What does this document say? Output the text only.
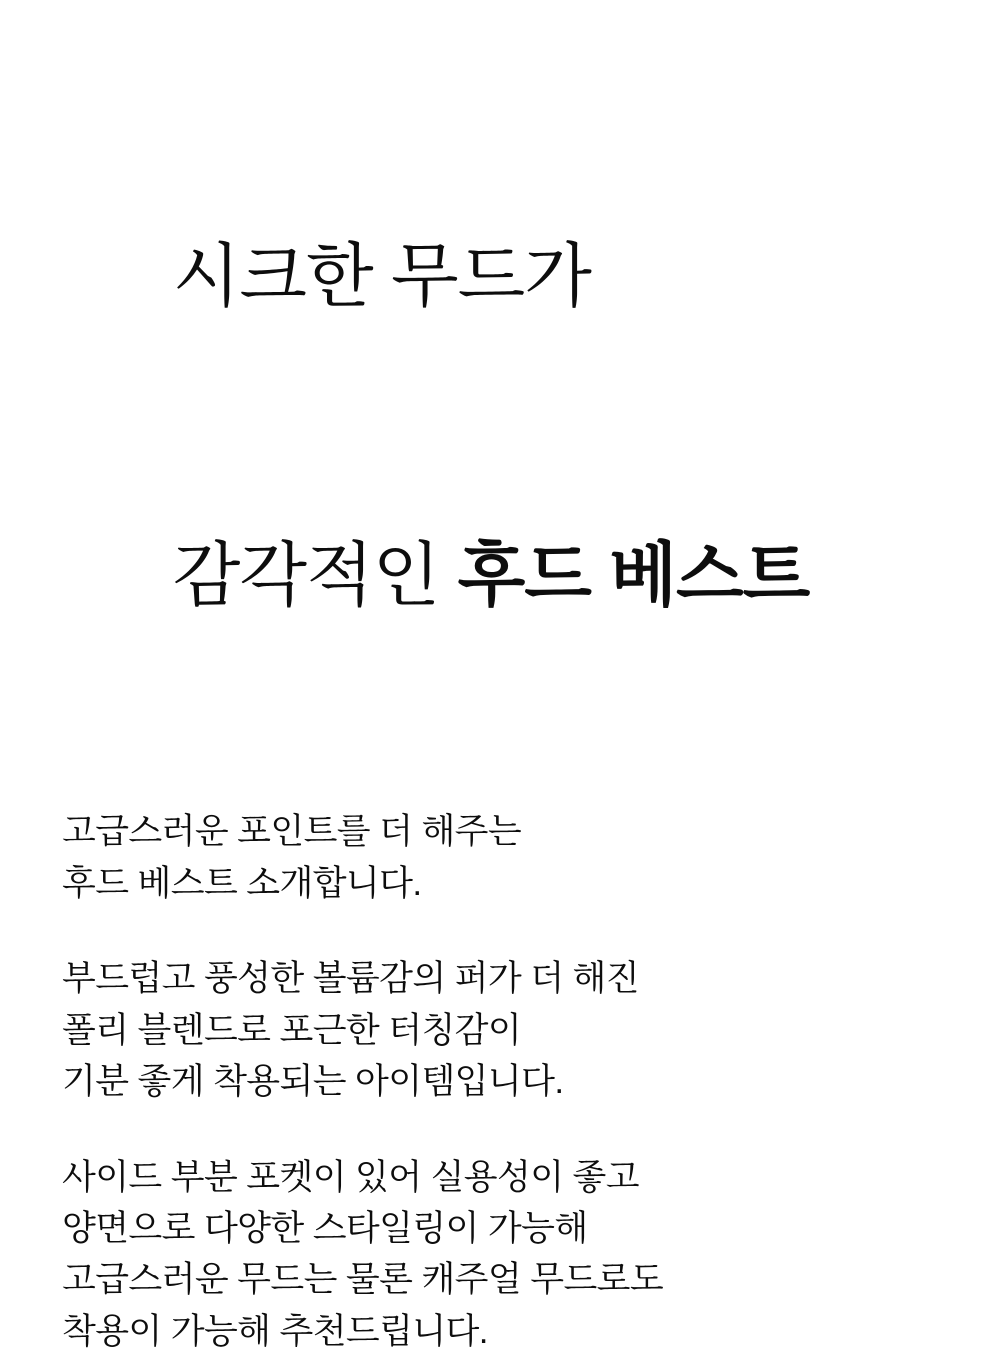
시크한 무드가

감각적인 후드 베스트

고급스러운 포인트를 더 해주는
후드 베스트 소개합니다.
부드럽고 풍성한 볼륨감의 퍼가 더 해진
폴리 블렌드로 포근한 터칭감이
기분 좋게 착용되는 아이템입니다.
사이드 부분 포켓이 있어 실용성이 좋고
양면으로 다양한 스타일링이 가능해
고급스러운 무드는 물론 캐주얼 무드로도
착용이 가능해 추천드립니다.
